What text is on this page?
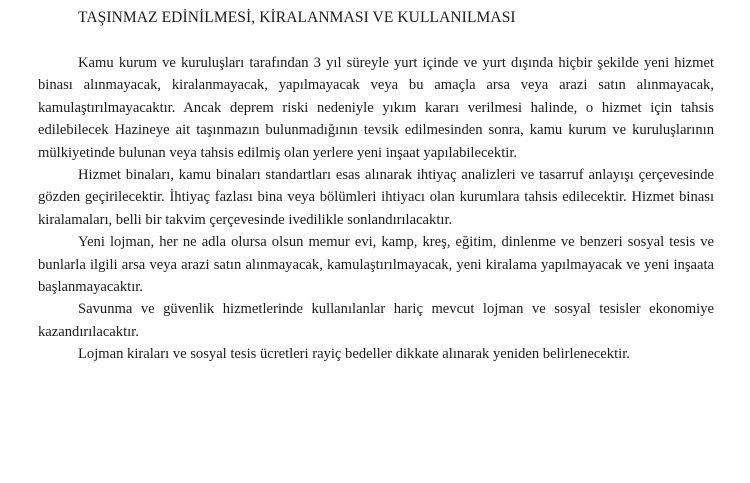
TAŞINMAZ EDİNİLMESİ, KİRALANMASI VE KULLANILMASI

Kamu kurum ve kuruluşları tarafından 3 yıl süreyle yurt içinde ve yurt dışında hiçbir şekilde yeni hizmet binası alınmayacak, kiralanmayacak, yapılmayacak veya bu amaçla arsa veya arazi satın alınmayacak, kamulaştırılmayacaktır. Ancak deprem riski nedeniyle yıkım kararı verilmesi halinde, o hizmet için tahsis edilebilecek Hazineye ait taşınmazın bulunmadığının tevsik edilmesinden sonra, kamu kurum ve kuruluşlarının mülkiyetinde bulunan veya tahsis edilmiş olan yerlere yeni inşaat yapılabilecektir.

Hizmet binaları, kamu binaları standartları esas alınarak ihtiyaç analizleri ve tasarruf anlayışı çerçevesinde gözden geçirilecektir. İhtiyaç fazlası bina veya bölümleri ihtiyacı olan kurumlara tahsis edilecektir. Hizmet binası kiralamaları, belli bir takvim çerçevesinde ivedilikle sonlandırılacaktır.

Yeni lojman, her ne adla olursa olsun memur evi, kamp, kreş, eğitim, dinlenme ve benzeri sosyal tesis ve bunlarla ilgili arsa veya arazi satın alınmayacak, kamulaştırılmayacak, yeni kiralama yapılmayacak ve yeni inşaata başlanmayacaktır.

Savunma ve güvenlik hizmetlerinde kullanılanlar hariç mevcut lojman ve sosyal tesisler ekonomiye kazandırılacaktır.

Lojman kiraları ve sosyal tesis ücretleri rayiç bedeller dikkate alınarak yeniden belirlenecektir.
